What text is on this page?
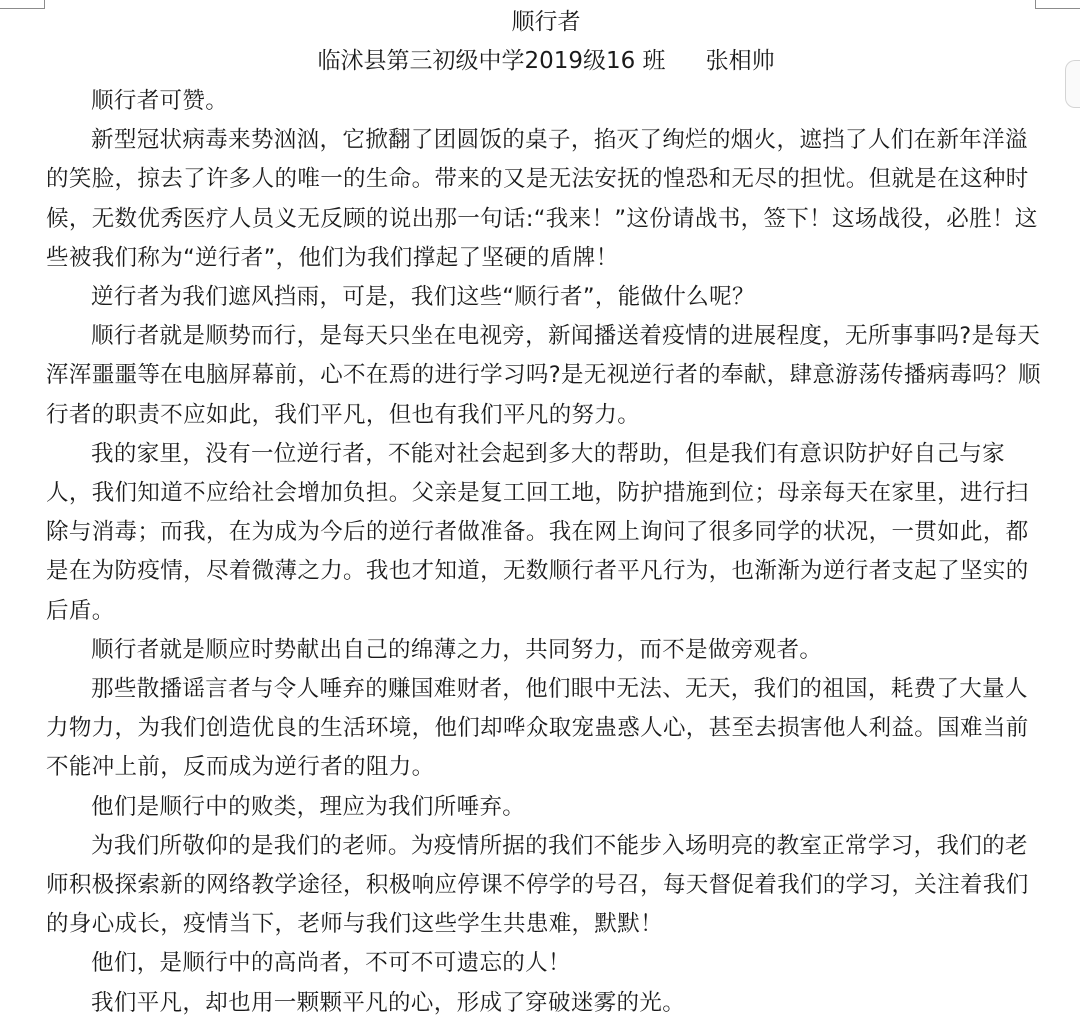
顺行者
临沭县第三初级中学2019级16 班 张相帅

顺行者可赞。

新型冠状病毒来势汹汹，它掀翻了团圆饭的桌子，掐灭了绚烂的烟火，遮挡了人们在新年洋溢的笑脸，掠去了许多人的唯一的生命。带来的又是无法安抚的惶恐和无尽的担忧。但就是在这种时候，无数优秀医疗人员义无反顾的说出那一句话:“我来！”这份请战书，签下！这场战役，必胜！这些被我们称为“逆行者”，他们为我们撑起了坚硬的盾牌！

逆行者为我们遮风挡雨，可是，我们这些“顺行者”，能做什么呢？

顺行者就是顺势而行，是每天只坐在电视旁，新闻播送着疫情的进展程度，无所事事吗?是每天浑浑噩噩等在电脑屏幕前，心不在焉的进行学习吗?是无视逆行者的奉献，肆意游荡传播病毒吗？顺行者的职责不应如此，我们平凡，但也有我们平凡的努力。

我的家里，没有一位逆行者，不能对社会起到多大的帮助，但是我们有意识防护好自己与家人，我们知道不应给社会增加负担。父亲是复工回工地，防护措施到位；母亲每天在家里，进行扫除与消毒；而我，在为成为今后的逆行者做准备。我在网上询问了很多同学的状况，一贯如此，都是在为防疫情，尽着微薄之力。我也才知道，无数顺行者平凡行为，也渐渐为逆行者支起了坚实的后盾。

顺行者就是顺应时势献出自己的绵薄之力，共同努力，而不是做旁观者。

那些散播谣言者与令人唾弃的赚国难财者，他们眼中无法、无天，我们的祖国，耗费了大量人力物力，为我们创造优良的生活环境，他们却哗众取宠蛊惑人心，甚至去损害他人利益。国难当前不能冲上前，反而成为逆行者的阻力。

他们是顺行中的败类，理应为我们所唾弃。

为我们所敬仰的是我们的老师。为疫情所据的我们不能步入场明亮的教室正常学习，我们的老师积极探索新的网络教学途径，积极响应停课不停学的号召，每天督促着我们的学习，关注着我们的身心成长，疫情当下，老师与我们这些学生共患难，默默！

他们，是顺行中的高尚者，不可不可遗忘的人！

我们平凡，却也用一颗颗平凡的心，形成了穿破迷雾的光。
